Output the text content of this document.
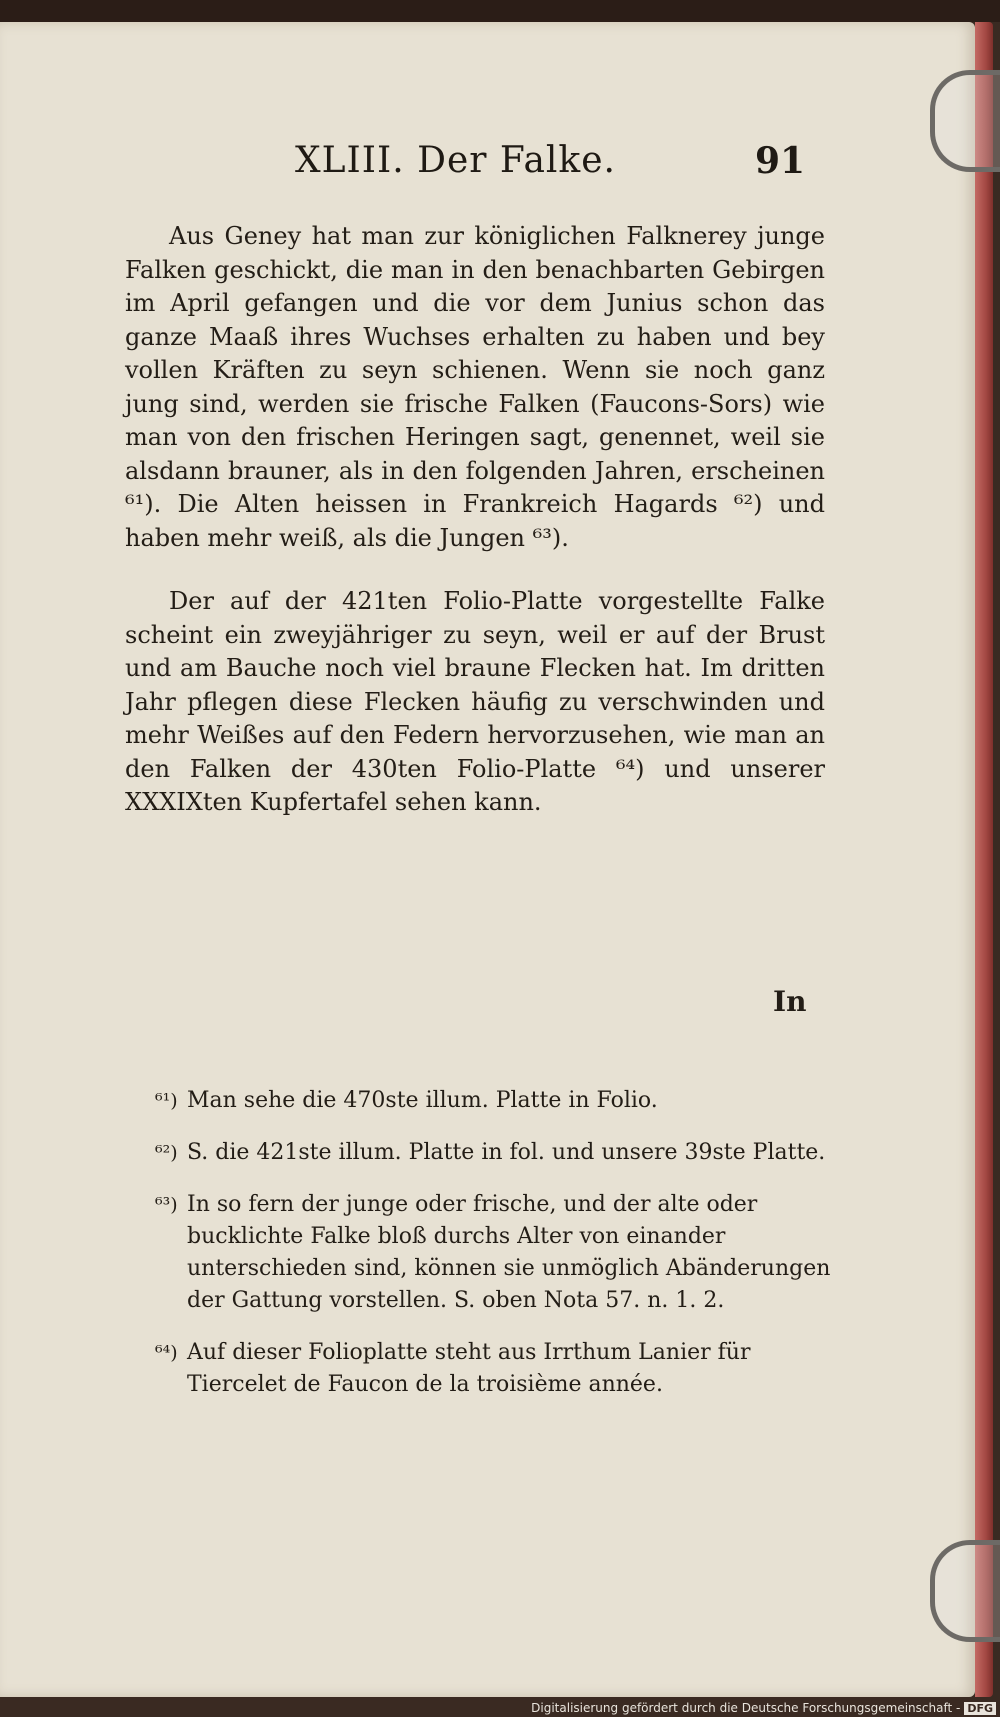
XLIII. Der Falke.	91

Aus Geney hat man zur königlichen Falknerey junge Falken geschickt, die man in den benachbarten Gebirgen im April gefangen und die vor dem Junius schon das ganze Maaß ihres Wuchses erhalten zu haben und bey vollen Kräften zu seyn schienen. Wenn sie noch ganz jung sind, werden sie frische Falken (Faucons-Sors) wie man von den frischen Heringen sagt, genennet, weil sie alsdann brauner, als in den folgenden Jahren, erscheinen ⁶¹). Die Alten heissen in Frankreich Hagards ⁶²) und haben mehr weiß, als die Jungen ⁶³).

Der auf der 421ten Folio-Platte vorgestellte Falke scheint ein zweyjähriger zu seyn, weil er auf der Brust und am Bauche noch viel braune Flecken hat. Im dritten Jahr pflegen diese Flecken häufig zu verschwinden und mehr Weißes auf den Federn hervorzusehen, wie man an den Falken der 430ten Folio-Platte ⁶⁴) und unserer XXXIXten Kupfertafel sehen kann.

In
⁶¹) Man sehe die 470ste illum. Platte in Folio.
⁶²) S. die 421ste illum. Platte in fol. und unsere 39ste Platte.
⁶³) In so fern der junge oder frische, und der alte oder bucklichte Falke bloß durchs Alter von einander unterschieden sind, können sie unmöglich Abänderungen der Gattung vorstellen. S. oben Nota 57. n. 1. 2.
⁶⁴) Auf dieser Folioplatte steht aus Irrthum Lanier für Tiercelet de Faucon de la troisième année.
Digitalisierung gefördert durch die Deutsche Forschungsgemeinschaft - DFG
